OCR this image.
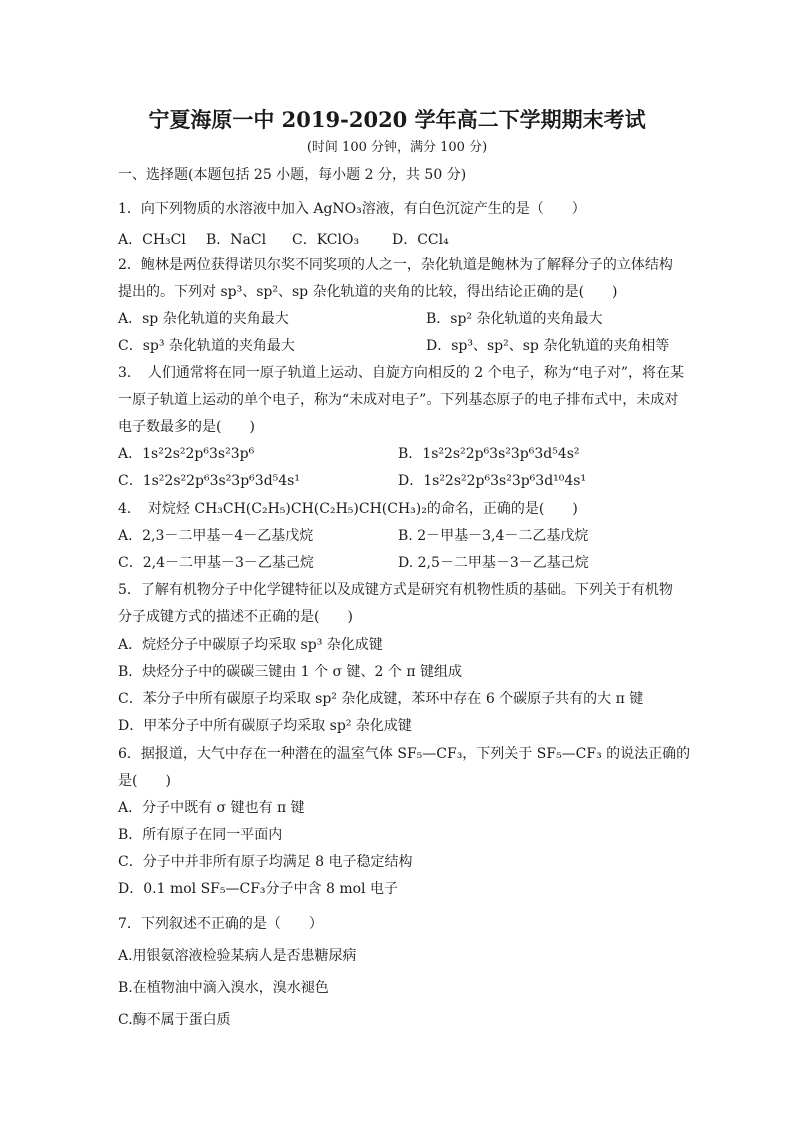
宁夏海原一中 2019-2020 学年高二下学期期末考试

(时间 100 分钟，满分 100 分)

一、选择题(本题包括 25 小题，每小题 2 分，共 50 分)

1．向下列物质的水溶液中加入 AgNO₃溶液，有白色沉淀产生的是（　　）

A．CH₃Cl B．NaCl C．KClO₃ D．CCl₄

2．鲍林是两位获得诺贝尔奖不同奖项的人之一，杂化轨道是鲍林为了解释分子的立体结构

提出的。下列对 sp³、sp²、sp 杂化轨道的夹角的比较，得出结论正确的是(　　)

A．sp 杂化轨道的夹角最大	B．sp² 杂化轨道的夹角最大

C．sp³ 杂化轨道的夹角最大	D．sp³、sp²、sp 杂化轨道的夹角相等

3．　人们通常将在同一原子轨道上运动、自旋方向相反的 2 个电子，称为“电子对”，将在某

一原子轨道上运动的单个电子，称为“未成对电子”。下列基态原子的电子排布式中，未成对

电子数最多的是(　　)

A．1s²2s²2p⁶3s²3p⁶	B．1s²2s²2p⁶3s²3p⁶3d⁵4s²

C．1s²2s²2p⁶3s²3p⁶3d⁵4s¹	D．1s²2s²2p⁶3s²3p⁶3d¹⁰4s¹

4．　对烷烃 CH₃CH(C₂H₅)CH(C₂H₅)CH(CH₃)₂的命名，正确的是(　　)

A．2,3－二甲基－4－乙基戊烷	B. 2－甲基－3,4－二乙基戊烷

C．2,4－二甲基－3－乙基己烷	D. 2,5－二甲基－3－乙基己烷

5．了解有机物分子中化学键特征以及成键方式是研究有机物性质的基础。下列关于有机物

分子成键方式的描述不正确的是(　　)

A．烷烃分子中碳原子均采取 sp³ 杂化成键

B．炔烃分子中的碳碳三键由 1 个 σ 键、2 个 π 键组成

C．苯分子中所有碳原子均采取 sp² 杂化成键，苯环中存在 6 个碳原子共有的大 π 键

D．甲苯分子中所有碳原子均采取 sp² 杂化成键

6．据报道，大气中存在一种潜在的温室气体 SF₅—CF₃，下列关于 SF₅—CF₃ 的说法正确的

是(　　)

A．分子中既有 σ 键也有 π 键

B．所有原子在同一平面内

C．分子中并非所有原子均满足 8 电子稳定结构

D．0.1 mol SF₅—CF₃分子中含 8 mol 电子

7．下列叙述不正确的是（　　）

A.用银氨溶液检验某病人是否患糖尿病

B.在植物油中滴入溴水，溴水褪色

C.酶不属于蛋白质
